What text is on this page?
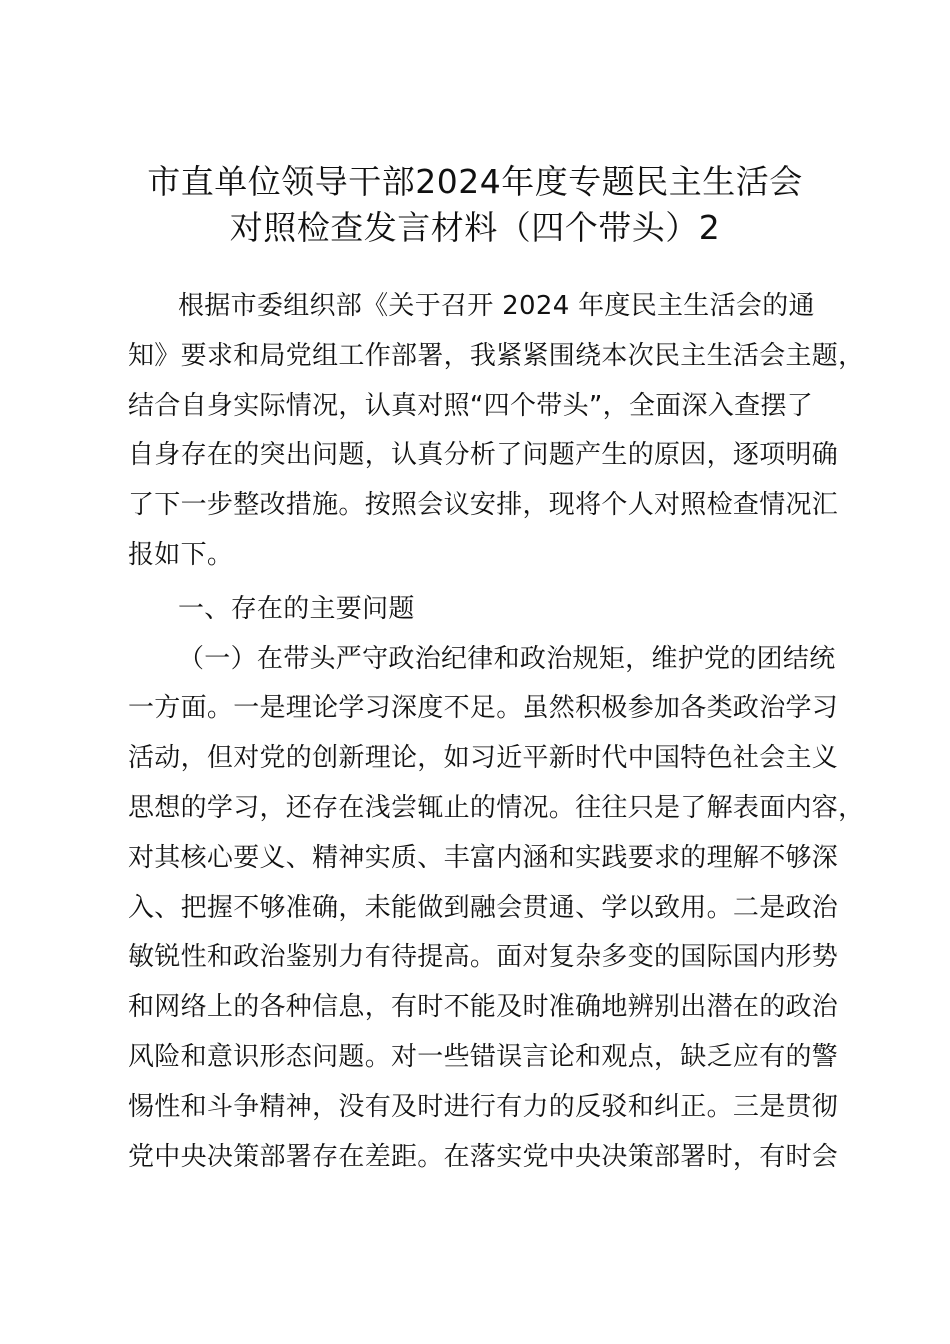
市直单位领导干部2024年度专题民主生活会
对照检查发言材料（四个带头）2
根据市委组织部《关于召开 2024 年度民主生活会的通
知》要求和局党组工作部署，我紧紧围绕本次民主生活会主题，
结合自身实际情况，认真对照“四个带头”，全面深入查摆了
自身存在的突出问题，认真分析了问题产生的原因，逐项明确
了下一步整改措施。按照会议安排，现将个人对照检查情况汇
报如下。
一、存在的主要问题
（一）在带头严守政治纪律和政治规矩，维护党的团结统
一方面。一是理论学习深度不足。虽然积极参加各类政治学习
活动，但对党的创新理论，如习近平新时代中国特色社会主义
思想的学习，还存在浅尝辄止的情况。往往只是了解表面内容，
对其核心要义、精神实质、丰富内涵和实践要求的理解不够深
入、把握不够准确，未能做到融会贯通、学以致用。二是政治
敏锐性和政治鉴别力有待提高。面对复杂多变的国际国内形势
和网络上的各种信息，有时不能及时准确地辨别出潜在的政治
风险和意识形态问题。对一些错误言论和观点，缺乏应有的警
惕性和斗争精神，没有及时进行有力的反驳和纠正。三是贯彻
党中央决策部署存在差距。在落实党中央决策部署时，有时会
